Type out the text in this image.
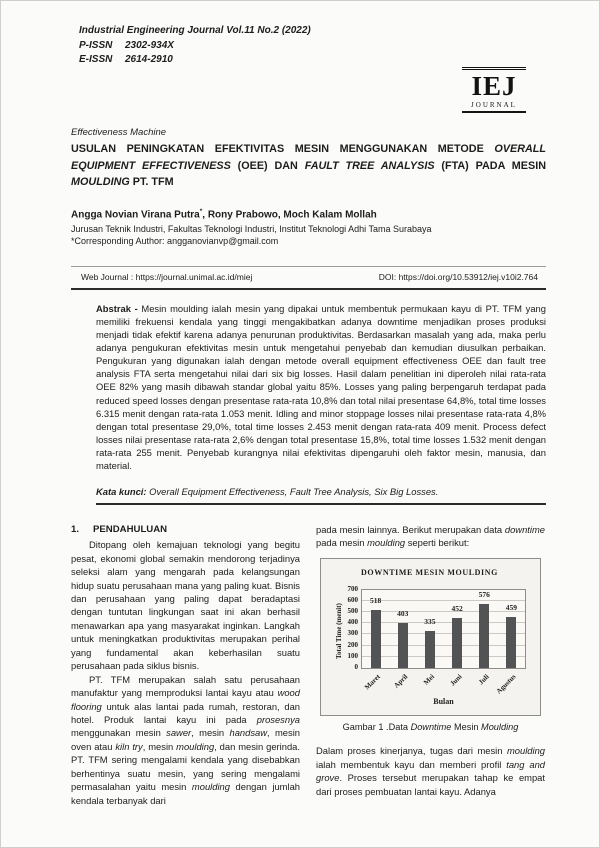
Industrial Engineering Journal Vol.11 No.2 (2022)
P-ISSN	2302-934X
E-ISSN	2614-2910
IEJ
JOURNAL
Effectiveness Machine
USULAN PENINGKATAN EFEKTIVITAS MESIN MENGGUNAKAN METODE OVERALL EQUIPMENT EFFECTIVENESS (OEE) DAN FAULT TREE ANALYSIS (FTA) PADA MESIN MOULDING PT. TFM
Angga Novian Virana Putra*, Rony Prabowo, Moch Kalam Mollah
Jurusan Teknik Industri, Fakultas Teknologi Industri, Institut Teknologi Adhi Tama Surabaya
*Corresponding Author: angganovianvp@gmail.com
Web Journal : https://journal.unimal.ac.id/miej	DOI: https://doi.org/10.53912/iej.v10i2.764

Abstrak - Mesin moulding ialah mesin yang dipakai untuk membentuk permukaan kayu di PT. TFM yang memiliki frekuensi kendala yang tinggi mengakibatkan adanya downtime menjadikan proses produksi menjadi tidak efektif karena adanya penurunan produktivitas. Berdasarkan masalah yang ada, maka perlu adanya pengukuran efektivitas mesin untuk mengetahui penyebab dan kemudian diusulkan perbaikan. Pengukuran yang digunakan ialah dengan metode overall equipment effectiveness OEE dan fault tree analysis FTA serta mengetahui nilai dari six big losses. Hasil dalam penelitian ini diperoleh nilai rata-rata OEE 82% yang masih dibawah standar global yaitu 85%. Losses yang paling berpengaruh terdapat pada reduced speed losses dengan presentase rata-rata 10,8% dan total nilai presentase 64,8%, total time losses 6.315 menit dengan rata-rata 1.053 menit. Idling and minor stoppage losses nilai presentase rata-rata 4,8% dengan total presentase 29,0%, total time losses 2.453 menit dengan rata-rata 409 menit. Process defect losses nilai presentase rata-rata 2,6% dengan total presentase 15,8%, total time losses 1.532 menit dengan rata-rata 255 menit. Penyebab kurangnya nilai efektivitas dipengaruhi oleh faktor mesin, manusia, dan material.

Kata kunci: Overall Equipment Effectiveness, Fault Tree Analysis, Six Big Losses.
1. PENDAHULUAN

Ditopang oleh kemajuan teknologi yang begitu pesat, ekonomi global semakin mendorong terjadinya seleksi alam yang mengarah pada kelangsungan hidup suatu perusahaan mana yang paling kuat. Bisnis dan perusahaan yang paling dapat beradaptasi dengan tuntutan lingkungan saat ini akan berhasil menawarkan apa yang masyarakat inginkan. Langkah untuk meningkatkan produktivitas merupakan perihal yang fundamental akan keberhasilan suatu perusahaan pada siklus bisnis.

PT. TFM merupakan salah satu perusahaan manufaktur yang memproduksi lantai kayu atau wood flooring untuk alas lantai pada rumah, restoran, dan hotel. Produk lantai kayu ini pada prosesnya menggunakan mesin sawer, mesin handsaw, mesin oven atau kiln try, mesin moulding, dan mesin gerinda. PT. TFM sering mengalami kendala yang disebabkan berhentinya suatu mesin, yang sering mengalami permasalahan yaitu mesin moulding dengan jumlah kendala terbanyak dari

pada mesin lainnya. Berikut merupakan data downtime pada mesin moulding seperti berikut:

DOWNTIME MESIN MOULDING
Total Time (menit)
0
100
200
300
400
500
600
700
518
Maret
403
April
335
Mei
452
Juni
576
Juli
459
Agustus
Bulan
Gambar 1 .Data Downtime Mesin Moulding

Dalam proses kinerjanya, tugas dari mesin moulding ialah membentuk kayu dan memberi profil tang and grove. Proses tersebut merupakan tahap ke empat dari proses pembuatan lantai kayu. Adanya
